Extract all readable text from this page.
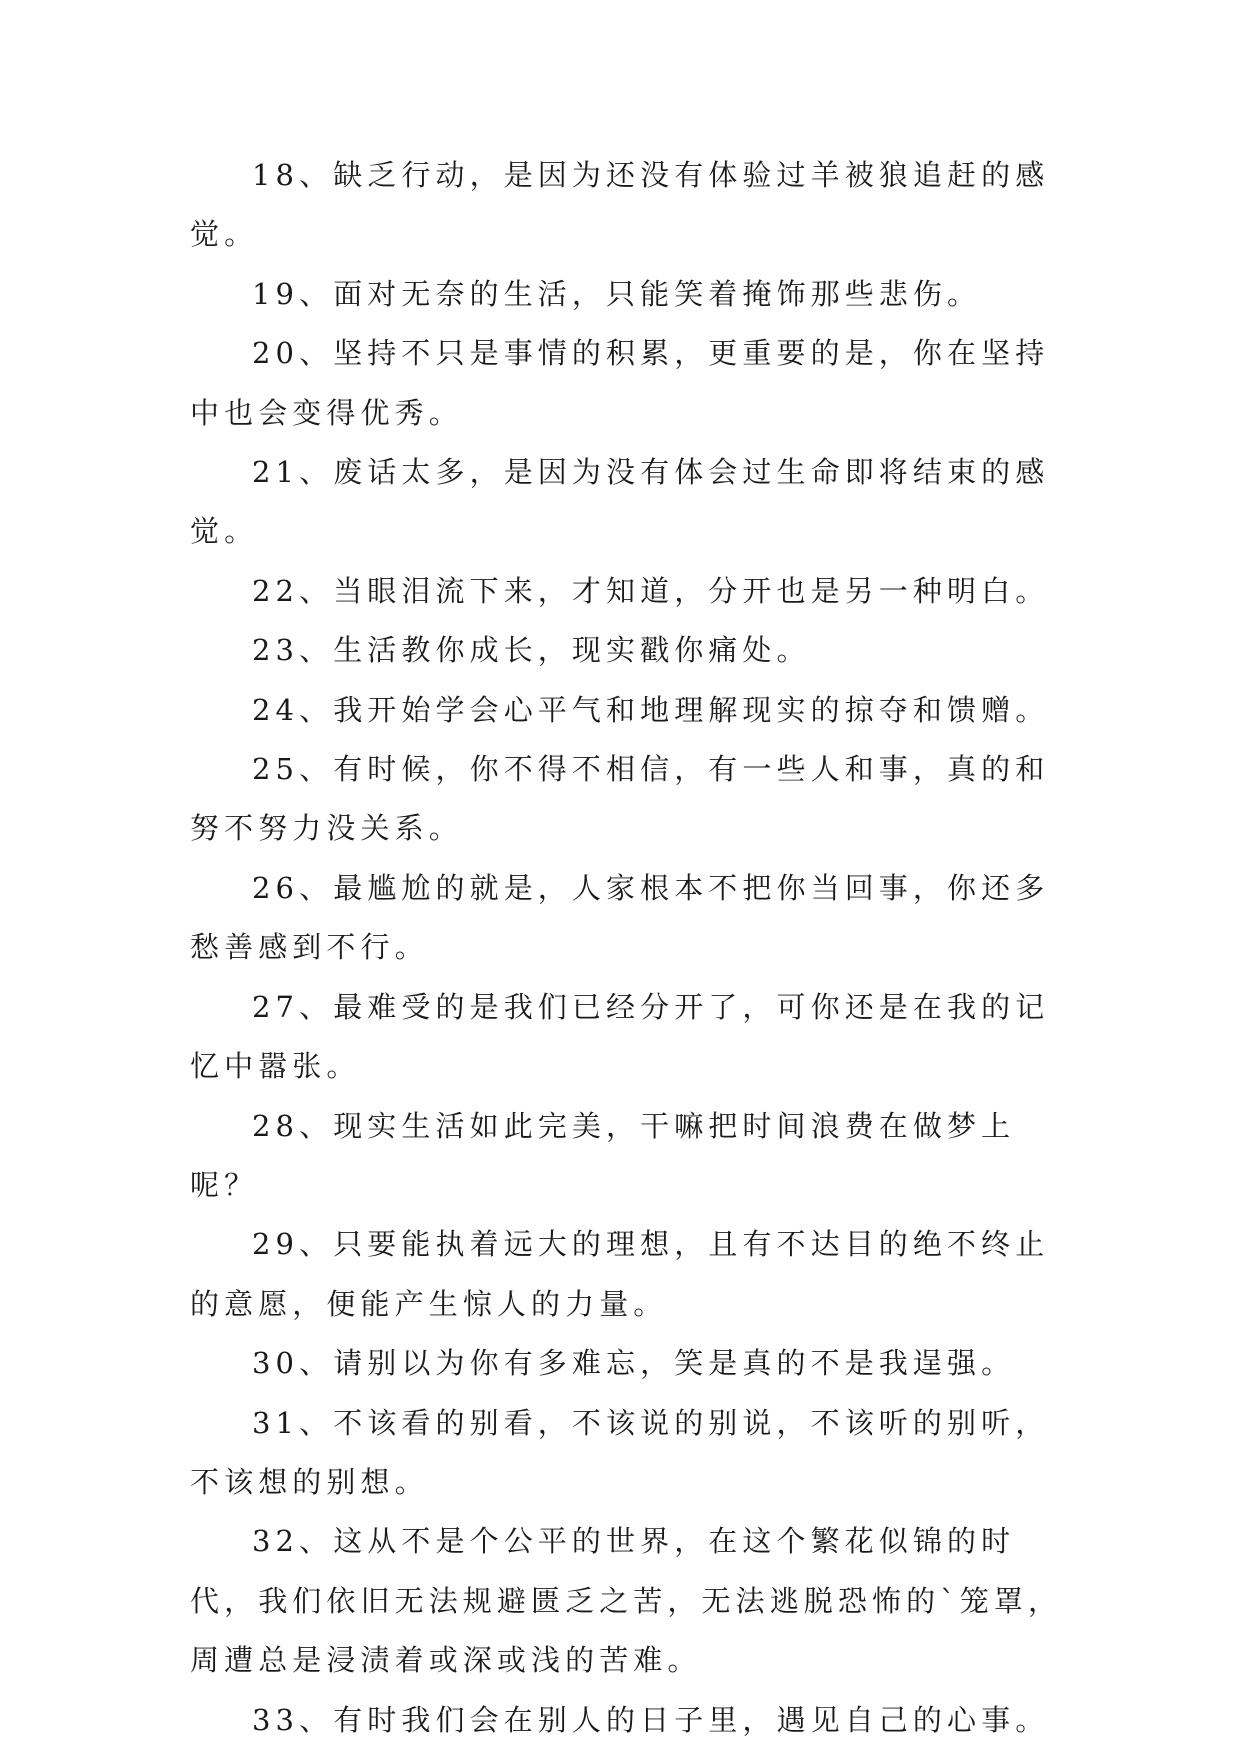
18、缺乏行动，是因为还没有体验过羊被狼追赶的感觉。

19、面对无奈的生活，只能笑着掩饰那些悲伤。

20、坚持不只是事情的积累，更重要的是，你在坚持中也会变得优秀。

21、废话太多，是因为没有体会过生命即将结束的感觉。

22、当眼泪流下来，才知道，分开也是另一种明白。

23、生活教你成长，现实戳你痛处。

24、我开始学会心平气和地理解现实的掠夺和馈赠。

25、有时候，你不得不相信，有一些人和事，真的和努不努力没关系。

26、最尴尬的就是，人家根本不把你当回事，你还多愁善感到不行。

27、最难受的是我们已经分开了，可你还是在我的记忆中嚣张。

28、现实生活如此完美，干嘛把时间浪费在做梦上呢？

29、只要能执着远大的理想，且有不达目的绝不终止的意愿，便能产生惊人的力量。

30、请别以为你有多难忘，笑是真的不是我逞强。

31、不该看的别看，不该说的别说，不该听的别听，不该想的别想。

32、这从不是个公平的世界，在这个繁花似锦的时代，我们依旧无法规避匮乏之苦，无法逃脱恐怖的`笼罩，周遭总是浸渍着或深或浅的苦难。

33、有时我们会在别人的日子里，遇见自己的心事。
